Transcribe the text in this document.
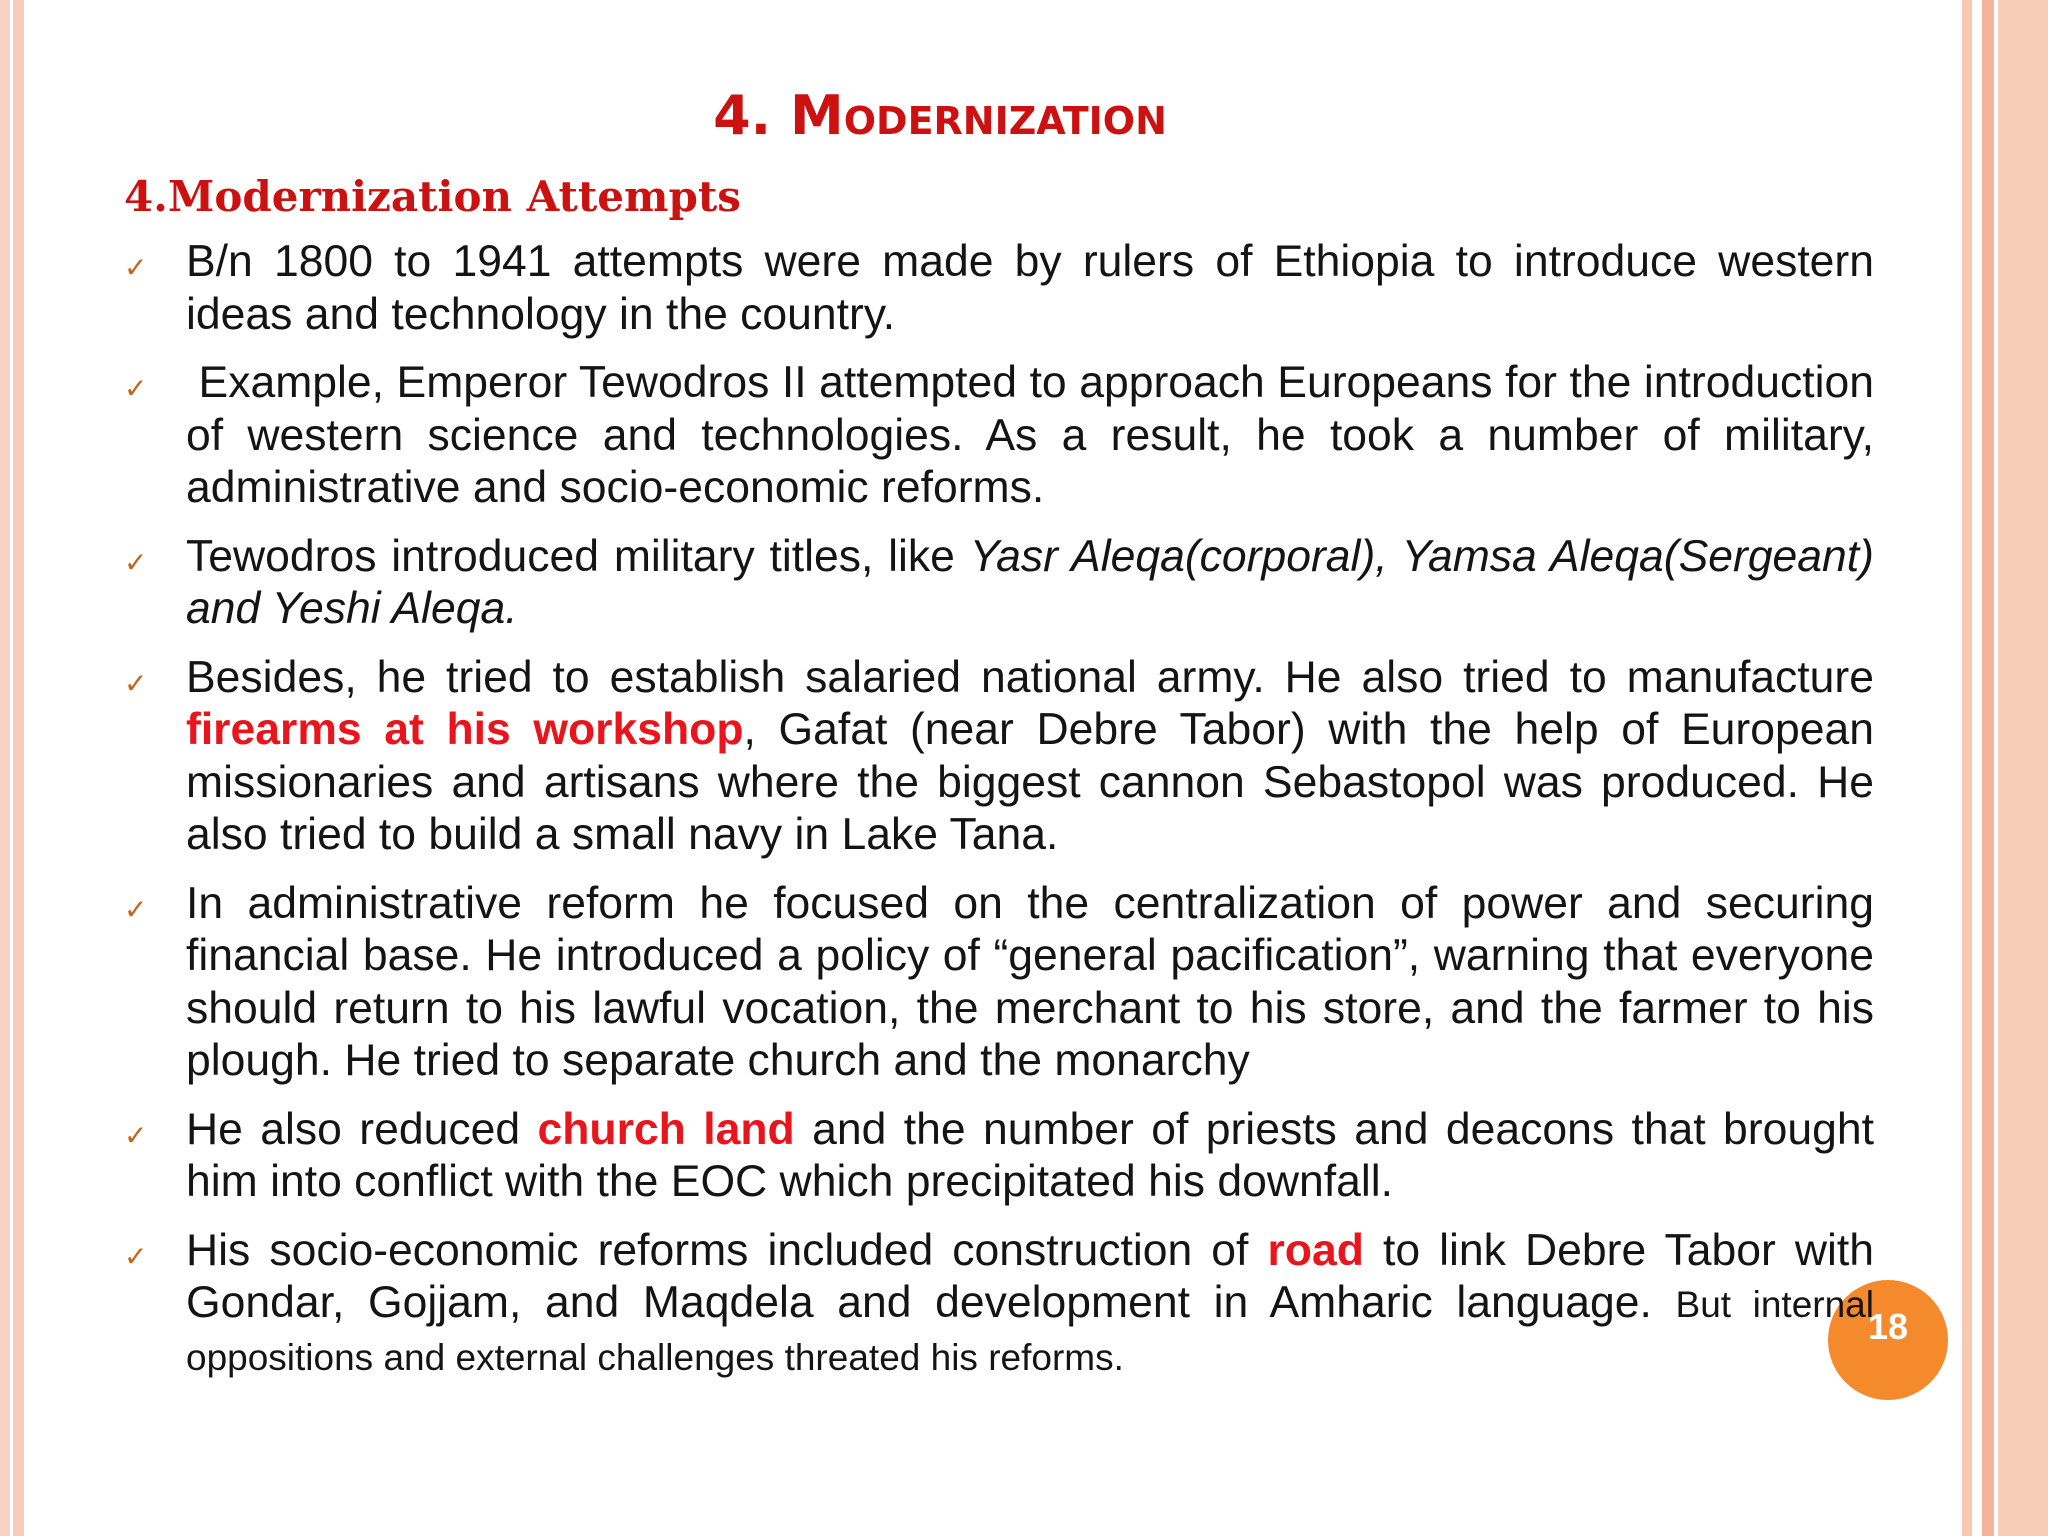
4. Modernization
4.Modernization Attempts
✓ B/n 1800 to 1941 attempts were made by rulers of Ethiopia to introduce western ideas and technology in the country.
✓ Example, Emperor Tewodros II attempted to approach Europeans for the introduction of western science and technologies. As a result, he took a number of military, administrative and socio-economic reforms.
✓ Tewodros introduced military titles, like Yasr Aleqa(corporal), Yamsa Aleqa(Sergeant) and Yeshi Aleqa.
✓ Besides, he tried to establish salaried national army. He also tried to manufacture firearms at his workshop, Gafat (near Debre Tabor) with the help of European missionaries and artisans where the biggest cannon Sebastopol was produced. He also tried to build a small navy in Lake Tana.
✓ In administrative reform he focused on the centralization of power and securing financial base. He introduced a policy of “general pacification”, warning that everyone should return to his lawful vocation, the merchant to his store, and the farmer to his plough. He tried to separate church and the monarchy
✓ He also reduced church land and the number of priests and deacons that brought him into conflict with the EOC which precipitated his downfall.
✓ His socio-economic reforms included construction of road to link Debre Tabor with Gondar, Gojjam, and Maqdela and development in Amharic language. But internal oppositions and external challenges threated his reforms.
18
